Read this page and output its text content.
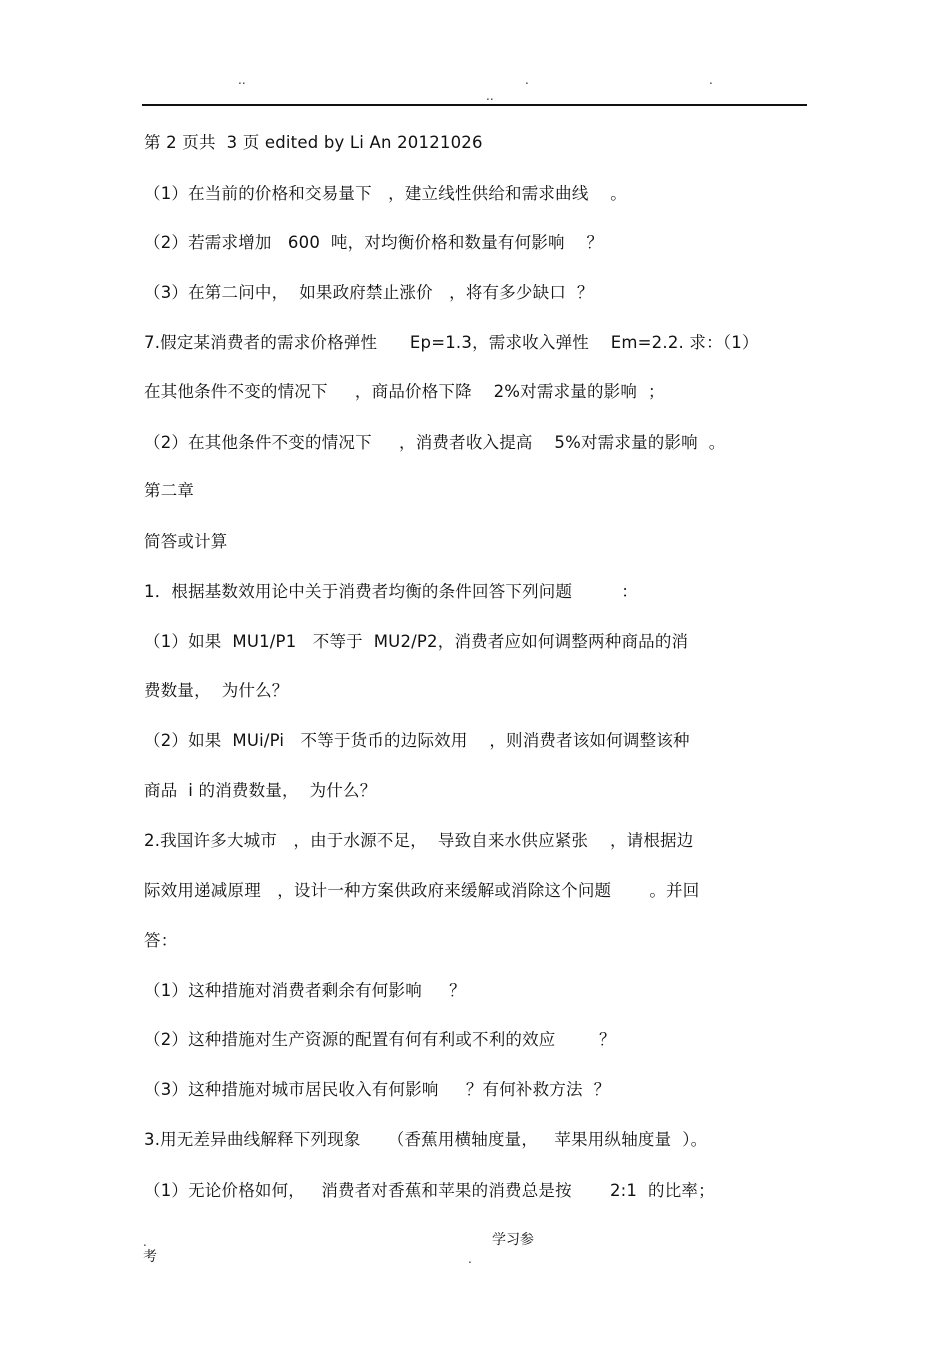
..	.	.
..
第 2 页共  3 页 edited by Li An 20121026
（1）在当前的价格和交易量下   ，建立线性供给和需求曲线    。
（2）若需求增加   600  吨，对均衡价格和数量有何影响    ？
（3）在第二问中，  如果政府禁止涨价   ，将有多少缺口  ？
7.假定某消费者的需求价格弹性      Ep=1.3，需求收入弹性    Em=2.2. 求：（1）
在其他条件不变的情况下     ，商品价格下降    2%对需求量的影响  ；
（2）在其他条件不变的情况下     ，消费者收入提高    5%对需求量的影响  。
第二章
简答或计算
1．根据基数效用论中关于消费者均衡的条件回答下列问题         ：
（1）如果  MU1/P1   不等于  MU2/P2，消费者应如何调整两种商品的消
费数量，  为什么？
（2）如果  MUi/Pi   不等于货币的边际效用    ，则消费者该如何调整该种
商品  i 的消费数量，  为什么？
2.我国许多大城市   ，由于水源不足，  导致自来水供应紧张    ，请根据边
际效用递减原理   ，设计一种方案供政府来缓解或消除这个问题       。并回
答：
（1）这种措施对消费者剩余有何影响     ？
（2）这种措施对生产资源的配置有何有利或不利的效应        ？
（3）这种措施对城市居民收入有何影响     ？有何补救方法  ？
3.用无差异曲线解释下列现象     （香蕉用横轴度量，   苹果用纵轴度量  ）。
（1）无论价格如何，   消费者对香蕉和苹果的消费总是按       2:1  的比率；
.
考
学习参
.
